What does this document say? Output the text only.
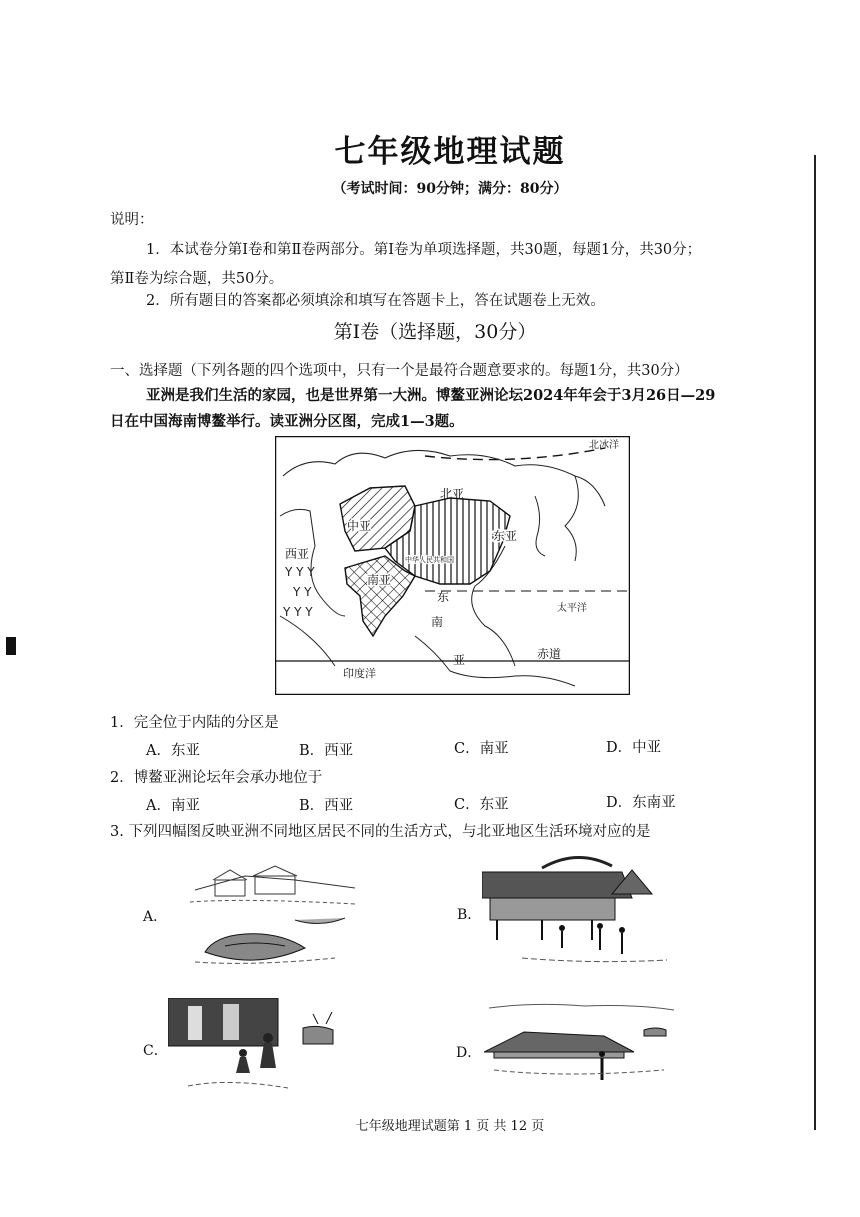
七年级地理试题
（考试时间：90分钟；满分：80分）
说明：
1．本试卷分第Ⅰ卷和第Ⅱ卷两部分。第Ⅰ卷为单项选择题，共30题，每题1分，共30分；
第Ⅱ卷为综合题，共50分。
2．所有题目的答案都必须填涂和填写在答题卡上，答在试题卷上无效。
第Ⅰ卷（选择题，30分）
一、选择题（下列各题的四个选项中，只有一个是最符合题意要求的。每题1分，共30分）
亚洲是我们生活的家园，也是世界第一大洲。博鳌亚洲论坛2024年年会于3月26日—29
日在中国海南博鳌举行。读亚洲分区图，完成1—3题。
Y Y Y
Y Y
Y Y Y
北冰洋
北亚
中亚
西亚
南亚
东亚
中华人民共和国
东
南
亚
太平洋
赤道
印度洋
1．完全位于内陆的分区是
A．东亚	B．西亚	C．南亚	D．中亚
2．博鳌亚洲论坛年会承办地位于
A．南亚	B．西亚	C．东亚	D．东南亚
3. 下列四幅图反映亚洲不同地区居民不同的生活方式，与北亚地区生活环境对应的是
A．	B．
C．	D．
七年级地理试题第 1 页 共 12 页
